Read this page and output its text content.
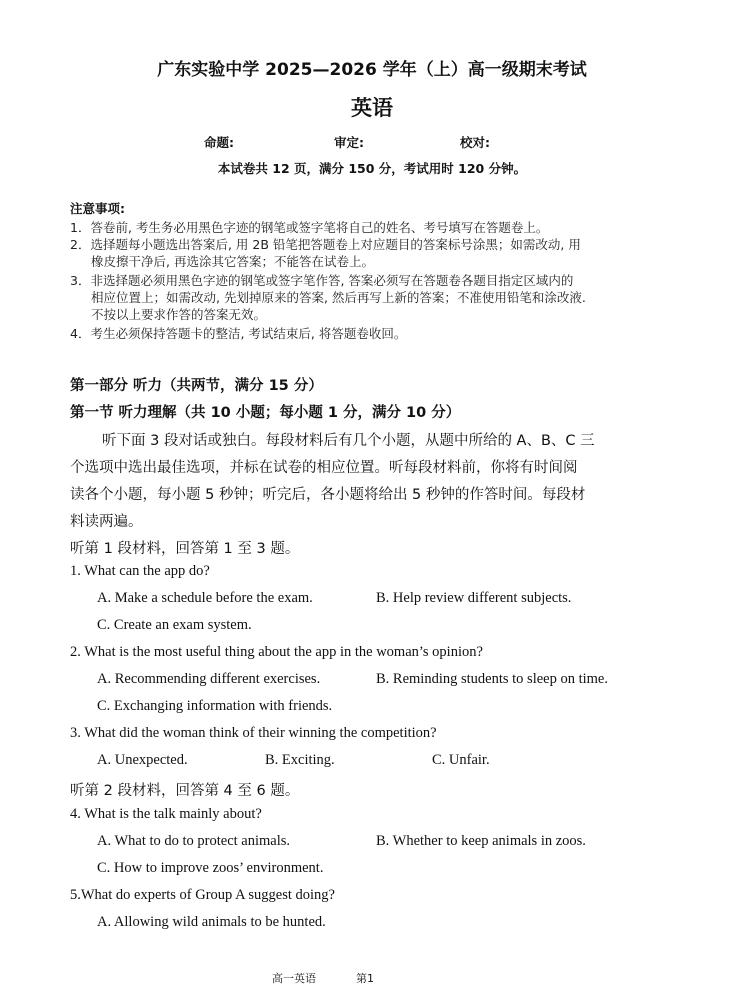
广东实验中学 2025—2026 学年（上）高一级期末考试
英语
命题:	审定:	校对:
本试卷共 12 页，满分 150 分，考试用时 120 分钟。
注意事项:
1．答卷前, 考生务必用黑色字迹的钢笔或签字笔将自己的姓名、考号填写在答题卷上。
2．选择题每小题选出答案后, 用 2B 铅笔把答题卷上对应题目的答案标号涂黑；如需改动, 用
橡皮擦干净后, 再选涂其它答案；不能答在试卷上。
3．非选择题必须用黑色字迹的钢笔或签字笔作答, 答案必须写在答题卷各题目指定区域内的
相应位置上；如需改动, 先划掉原来的答案, 然后再写上新的答案；不准使用铅笔和涂改液.
不按以上要求作答的答案无效。
4．考生必须保持答题卡的整洁, 考试结束后, 将答题卷收回。
第一部分 听力（共两节，满分 15 分）
第一节 听力理解（共 10 小题；每小题 1 分，满分 10 分）
听下面 3 段对话或独白。每段材料后有几个小题，从题中所给的 A、B、C 三
个选项中选出最佳选项，并标在试卷的相应位置。听每段材料前，你将有时间阅
读各个小题，每小题 5 秒钟；听完后，各小题将给出 5 秒钟的作答时间。每段材
料读两遍。
听第 1 段材料，回答第 1 至 3 题。
1. What can the app do?
A. Make a schedule before the exam.	B. Help review different subjects.
C. Create an exam system.
2. What is the most useful thing about the app in the woman’s opinion?
A. Recommending different exercises.	B. Reminding students to sleep on time.
C. Exchanging information with friends.
3. What did the woman think of their winning the competition?
A. Unexpected.	B. Exciting.	C. Unfair.
听第 2 段材料，回答第 4 至 6 题。
4. What is the talk mainly about?
A. What to do to protect animals.	B. Whether to keep animals in zoos.
C. How to improve zoos’ environment.
5.What do experts of Group A suggest doing?
A. Allowing wild animals to be hunted.
高一英语	第1
